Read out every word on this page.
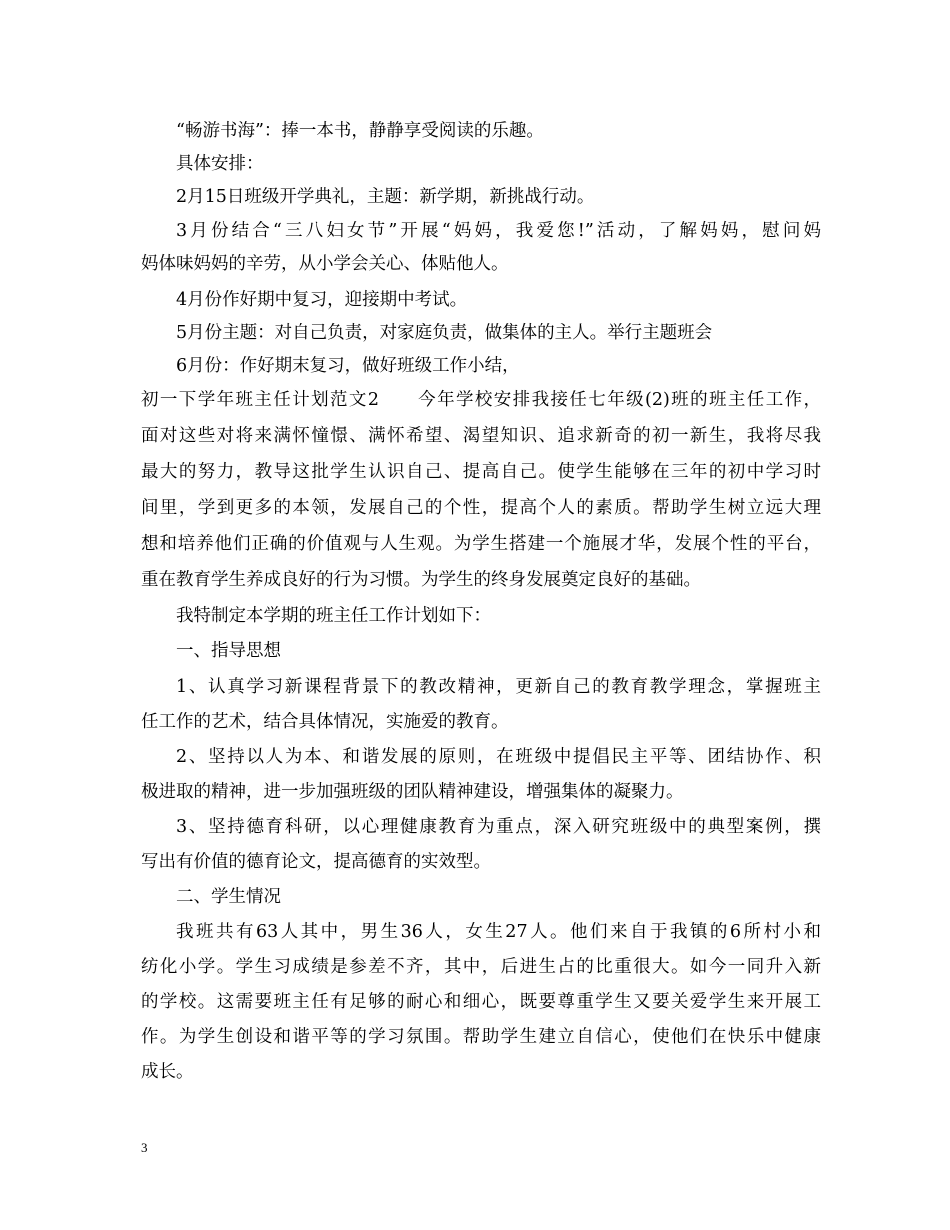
“畅游书海”：捧一本书，静静享受阅读的乐趣。

具体安排：

2月15日班级开学典礼，主题：新学期，新挑战行动。

3月份结合“三八妇女节”开展“妈妈，我爱您!”活动，了解妈妈，慰问妈

妈体味妈妈的辛劳，从小学会关心、体贴他人。

4月份作好期中复习，迎接期中考试。

5月份主题：对自己负责，对家庭负责，做集体的主人。举行主题班会

6月份：作好期末复习，做好班级工作小结，

初一下学年班主任计划范文2　　今年学校安排我接任七年级(2)班的班主任工作，

面对这些对将来满怀憧憬、满怀希望、渴望知识、追求新奇的初一新生，我将尽我

最大的努力，教导这批学生认识自己、提高自己。使学生能够在三年的初中学习时

间里，学到更多的本领，发展自己的个性，提高个人的素质。帮助学生树立远大理

想和培养他们正确的价值观与人生观。为学生搭建一个施展才华，发展个性的平台，

重在教育学生养成良好的行为习惯。为学生的终身发展奠定良好的基础。

我特制定本学期的班主任工作计划如下：

一、指导思想

1、认真学习新课程背景下的教改精神，更新自己的教育教学理念，掌握班主

任工作的艺术，结合具体情况，实施爱的教育。

2、坚持以人为本、和谐发展的原则，在班级中提倡民主平等、团结协作、积

极进取的精神，进一步加强班级的团队精神建设，增强集体的凝聚力。

3、坚持德育科研，以心理健康教育为重点，深入研究班级中的典型案例，撰

写出有价值的德育论文，提高德育的实效型。

二、学生情况

我班共有63人其中，男生36人，女生27人。他们来自于我镇的6所村小和

纺化小学。学生习成绩是参差不齐，其中，后进生占的比重很大。如今一同升入新

的学校。这需要班主任有足够的耐心和细心，既要尊重学生又要关爱学生来开展工

作。为学生创设和谐平等的学习氛围。帮助学生建立自信心，使他们在快乐中健康

成长。

3
